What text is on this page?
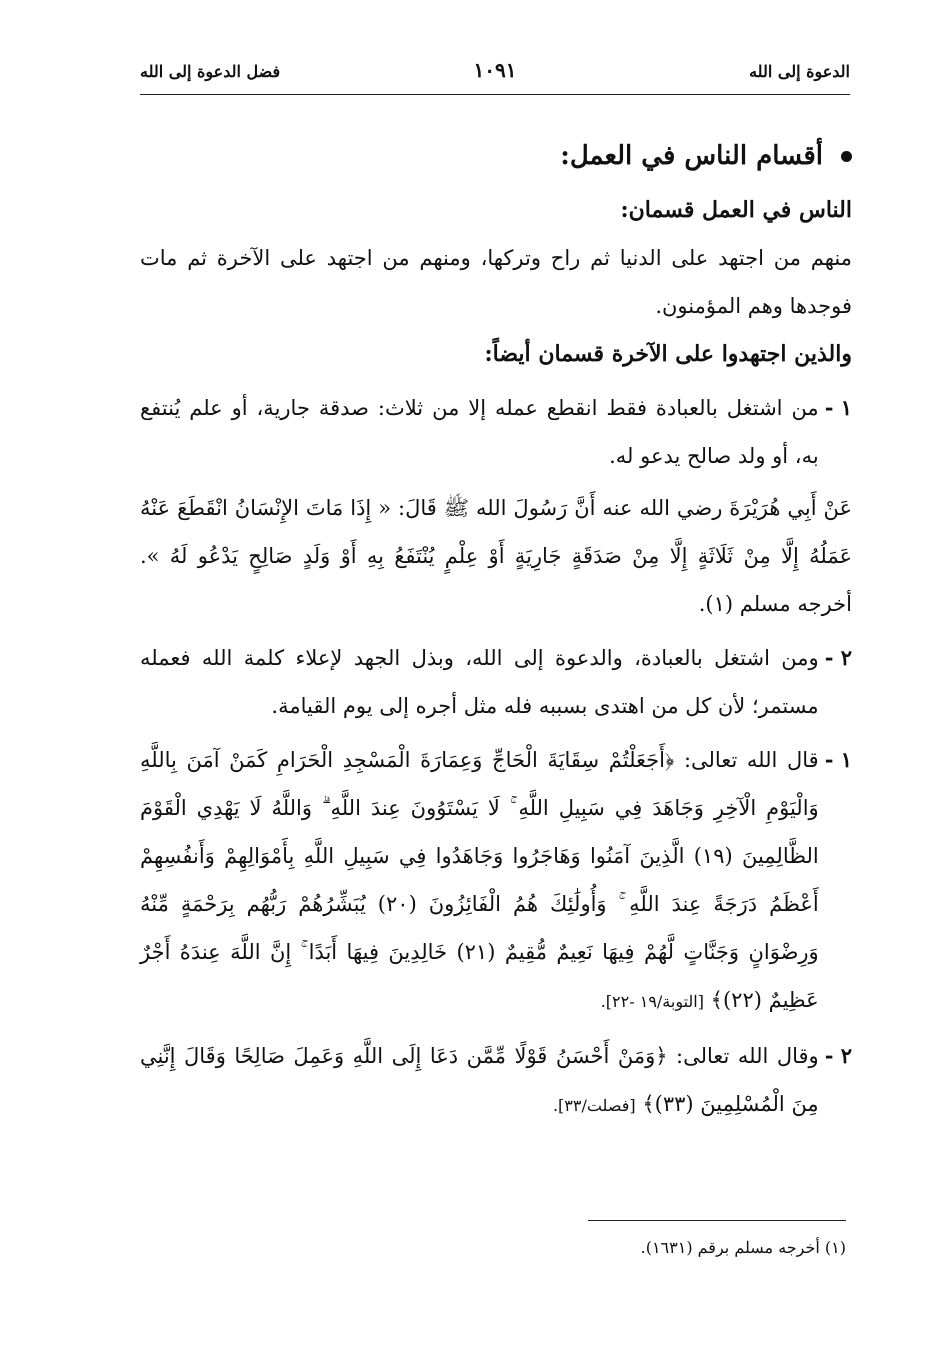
الدعوة إلى الله
١٠٩١
فضل الدعوة إلى الله
أقسام الناس في العمل:

الناس في العمل قسمان:

منهم من اجتهد على الدنيا ثم راح وتركها، ومنهم من اجتهد على الآخرة ثم مات فوجدها وهم المؤمنون.

والذين اجتهدوا على الآخرة قسمان أيضاً:

١ -
من اشتغل بالعبادة فقط انقطع عمله إلا من ثلاث: صدقة جارية، أو علم يُنتفع به، أو ولد صالح يدعو له.

عَنْ أَبِي هُرَيْرَةَ رضي الله عنه أَنَّ رَسُولَ الله ﷺ قَالَ: « إِذَا مَاتَ الإِنْسَانُ انْقَطَعَ عَنْهُ عَمَلُهُ إِلَّا مِنْ ثَلَاثَةٍ إِلَّا مِنْ صَدَقَةٍ جَارِيَةٍ أَوْ عِلْمٍ يُنْتَفَعُ بِهِ أَوْ وَلَدٍ صَالِحٍ يَدْعُو لَهُ ». أخرجه مسلم (١).

٢ -
ومن اشتغل بالعبادة، والدعوة إلى الله، وبذل الجهد لإعلاء كلمة الله فعمله مستمر؛ لأن كل من اهتدى بسببه فله مثل أجره إلى يوم القيامة.
١ -
قال الله تعالى: ﴿أَجَعَلْتُمْ سِقَايَةَ الْحَاجِّ وَعِمَارَةَ الْمَسْجِدِ الْحَرَامِ كَمَنْ آمَنَ بِاللَّهِ وَالْيَوْمِ الْآخِرِ وَجَاهَدَ فِي سَبِيلِ اللَّهِ ۚ لَا يَسْتَوُونَ عِندَ اللَّهِ ۗ وَاللَّهُ لَا يَهْدِي الْقَوْمَ الظَّالِمِينَ (١٩) الَّذِينَ آمَنُوا وَهَاجَرُوا وَجَاهَدُوا فِي سَبِيلِ اللَّهِ بِأَمْوَالِهِمْ وَأَنفُسِهِمْ أَعْظَمُ دَرَجَةً عِندَ اللَّهِ ۚ وَأُولَٰئِكَ هُمُ الْفَائِزُونَ (٢٠) يُبَشِّرُهُمْ رَبُّهُم بِرَحْمَةٍ مِّنْهُ وَرِضْوَانٍ وَجَنَّاتٍ لَّهُمْ فِيهَا نَعِيمٌ مُّقِيمٌ (٢١) خَالِدِينَ فِيهَا أَبَدًا ۚ إِنَّ اللَّهَ عِندَهُ أَجْرٌ عَظِيمٌ (٢٢)﴾ [التوبة/١٩ -٢٢].
٢ -
وقال الله تعالى: ﴿وَمَنْ أَحْسَنُ قَوْلًا مِّمَّن دَعَا إِلَى اللَّهِ وَعَمِلَ صَالِحًا وَقَالَ إِنَّنِي مِنَ الْمُسْلِمِينَ (٣٣)﴾ [فصلت/٣٣].
(١) أخرجه مسلم برقم (١٦٣١).
